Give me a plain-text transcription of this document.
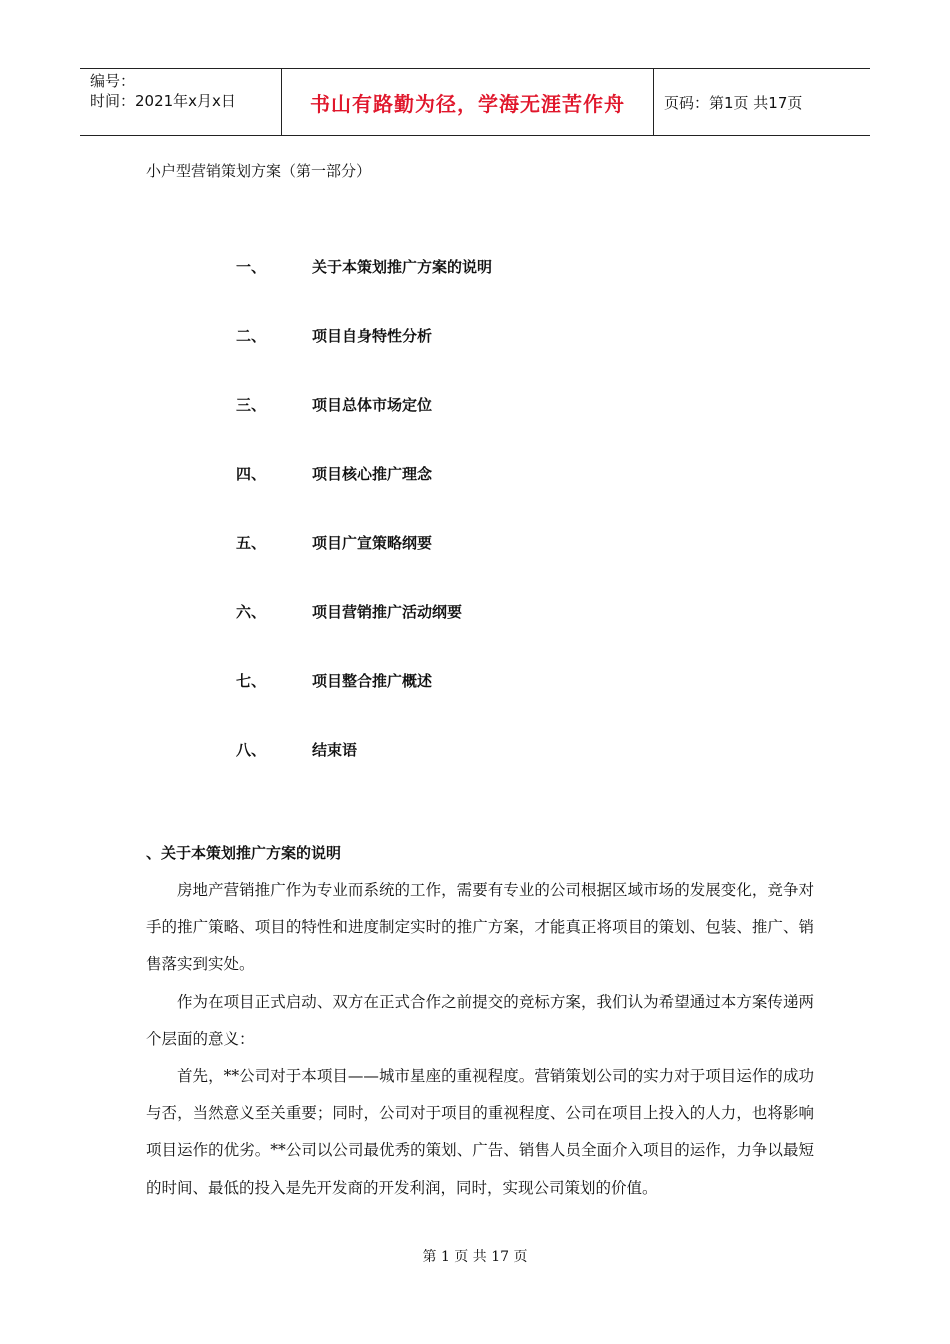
编号：
时间：2021年x月x日	书山有路勤为径，学海无涯苦作舟	页码：第1页 共17页
小户型营销策划方案（第一部分）
一、	关于本策划推广方案的说明
二、	项目自身特性分析
三、	项目总体市场定位
四、	项目核心推广理念
五、	项目广宣策略纲要
六、	项目营销推广活动纲要
七、	项目整合推广概述
八、	结束语
、关于本策划推广方案的说明

房地产营销推广作为专业而系统的工作，需要有专业的公司根据区域市场的发展变化，竞争对手的推广策略、项目的特性和进度制定实时的推广方案，才能真正将项目的策划、包装、推广、销售落实到实处。

作为在项目正式启动、双方在正式合作之前提交的竞标方案，我们认为希望通过本方案传递两个层面的意义：

首先，**公司对于本项目——城市星座的重视程度。营销策划公司的实力对于项目运作的成功与否，当然意义至关重要；同时，公司对于项目的重视程度、公司在项目上投入的人力，也将影响项目运作的优劣。**公司以公司最优秀的策划、广告、销售人员全面介入项目的运作，力争以最短的时间、最低的投入是先开发商的开发利润，同时，实现公司策划的价值。

第 1 页 共 17 页
